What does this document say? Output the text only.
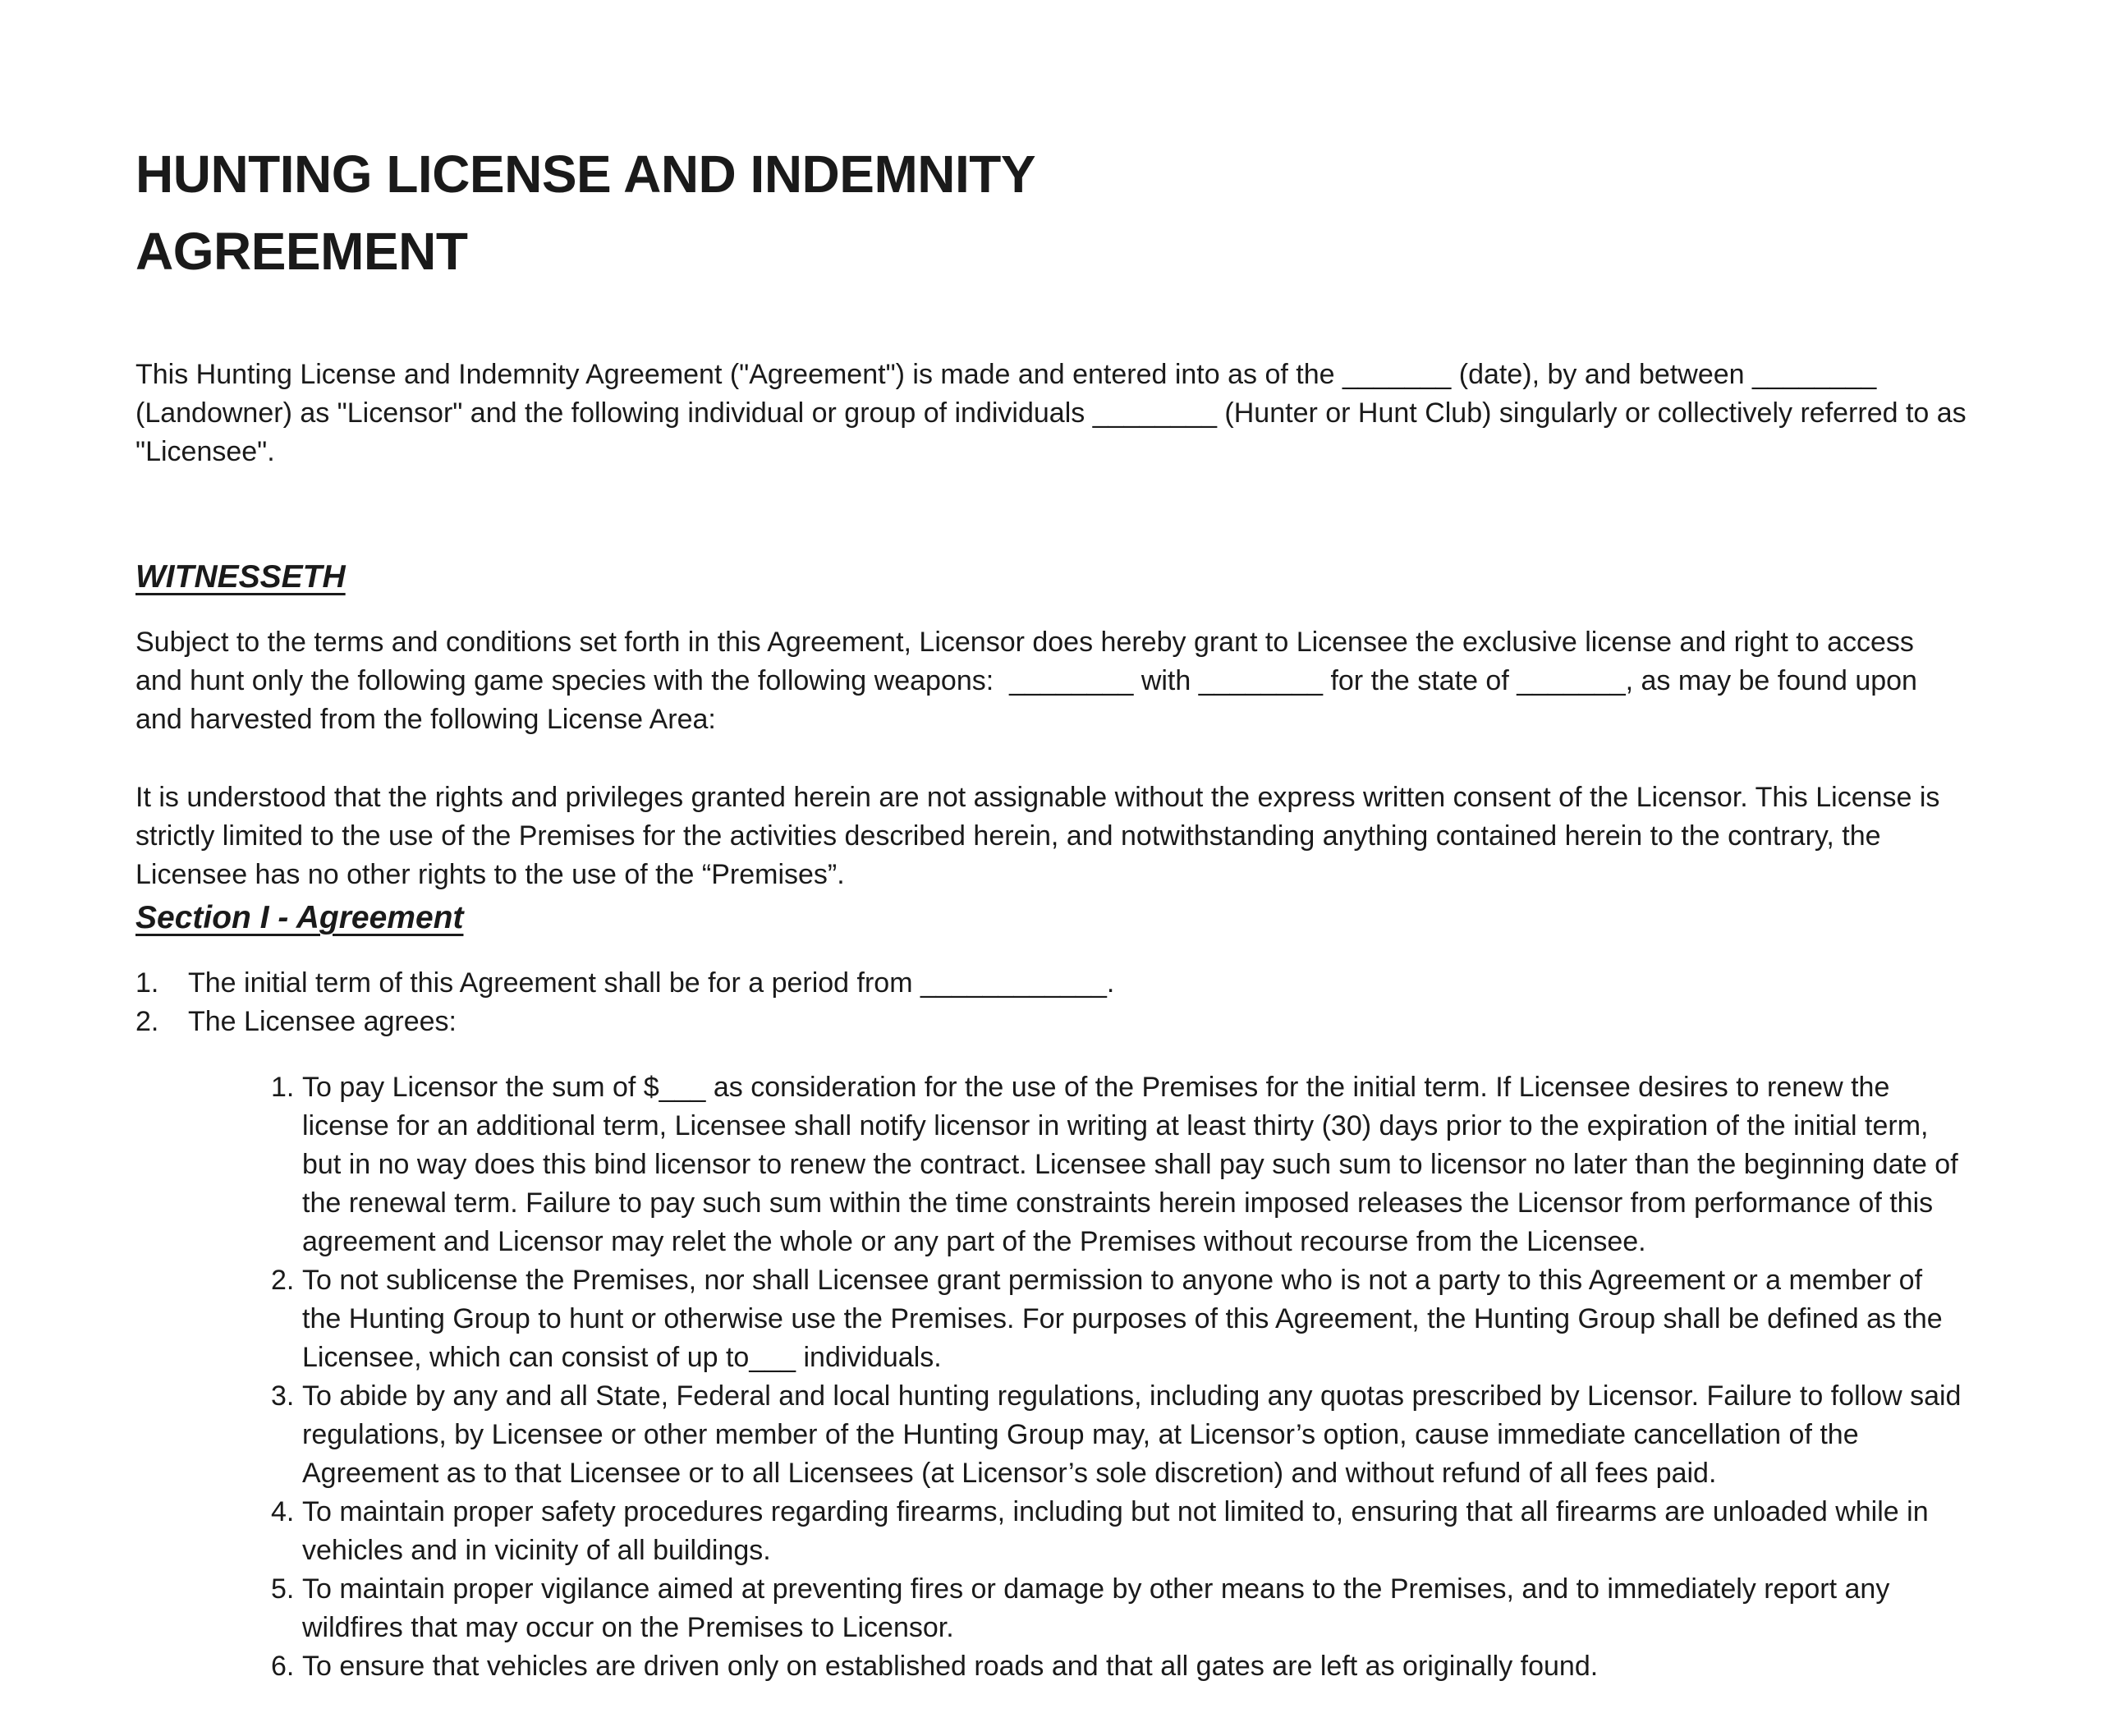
HUNTING LICENSE AND INDEMNITY AGREEMENT

This Hunting License and Indemnity Agreement ("Agreement") is made and entered into as of the _______ (date), by and between ________ (Landowner) as "Licensor" and the following individual or group of individuals ________ (Hunter or Hunt Club) singularly or collectively referred to as "Licensee".

WITNESSETH

Subject to the terms and conditions set forth in this Agreement, Licensor does hereby grant to Licensee the exclusive license and right to access and hunt only the following game species with the following weapons:  ________ with ________ for the state of _______, as may be found upon and harvested from the following License Area:

It is understood that the rights and privileges granted herein are not assignable without the express written consent of the Licensor. This License is strictly limited to the use of the Premises for the activities described herein, and notwithstanding anything contained herein to the contrary, the Licensee has no other rights to the use of the “Premises”.

Section I - Agreement
1.	The initial term of this Agreement shall be for a period from ____________.
2.	The Licensee agrees:
1. To pay Licensor the sum of $___ as consideration for the use of the Premises for the initial term. If Licensee desires to renew the license for an additional term, Licensee shall notify licensor in writing at least thirty (30) days prior to the expiration of the initial term, but in no way does this bind licensor to renew the contract. Licensee shall pay such sum to licensor no later than the beginning date of the renewal term. Failure to pay such sum within the time constraints herein imposed releases the Licensor from performance of this agreement and Licensor may relet the whole or any part of the Premises without recourse from the Licensee.
2. To not sublicense the Premises, nor shall Licensee grant permission to anyone who is not a party to this Agreement or a member of the Hunting Group to hunt or otherwise use the Premises. For purposes of this Agreement, the Hunting Group shall be defined as the Licensee, which can consist of up to___ individuals.
3. To abide by any and all State, Federal and local hunting regulations, including any quotas prescribed by Licensor. Failure to follow said regulations, by Licensee or other member of the Hunting Group may, at Licensor’s option, cause immediate cancellation of the Agreement as to that Licensee or to all Licensees (at Licensor’s sole discretion) and without refund of all fees paid.
4. To maintain proper safety procedures regarding firearms, including but not limited to, ensuring that all firearms are unloaded while in vehicles and in vicinity of all buildings.
5. To maintain proper vigilance aimed at preventing fires or damage by other means to the Premises, and to immediately report any wildfires that may occur on the Premises to Licensor.
6. To ensure that vehicles are driven only on established roads and that all gates are left as originally found.
